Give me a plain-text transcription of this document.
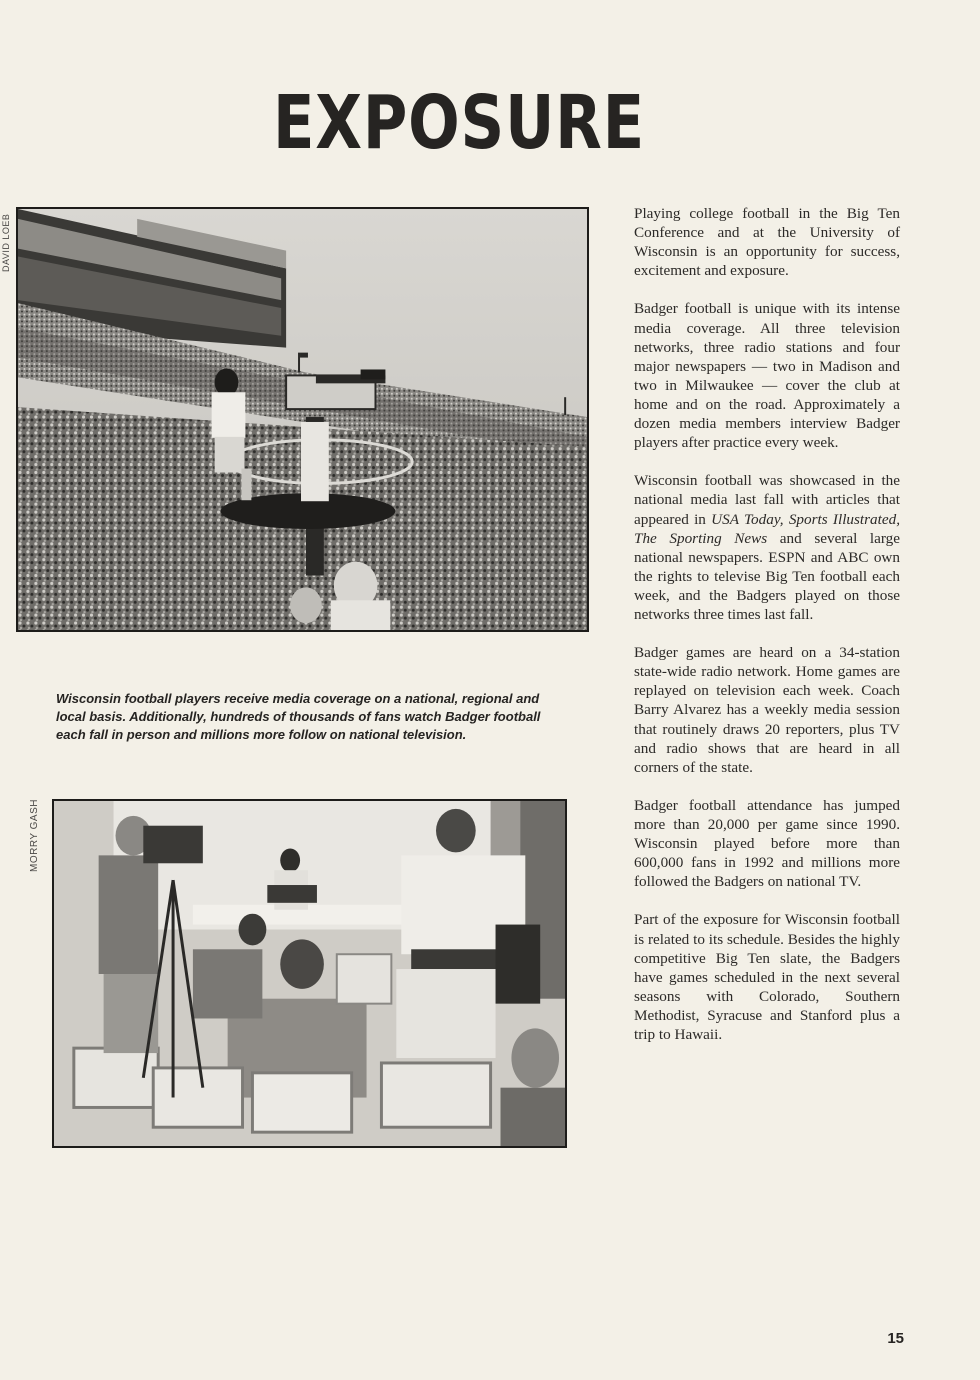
EXPOSURE
DAVID LOEB
Wisconsin football players receive media coverage on a national, regional and local basis. Additionally, hundreds of thousands of fans watch Badger football each fall in person and millions more follow on national television.
MORRY GASH

Playing college football in the Big Ten Conference and at the University of Wisconsin is an opportunity for success, excitement and exposure.

Badger football is unique with its intense media coverage. All three television networks, three radio stations and four major newspapers — two in Madison and two in Milwaukee — cover the club at home and on the road. Approximately a dozen media members interview Badger players after practice every week.

Wisconsin football was showcased in the national media last fall with articles that appeared in USA Today, Sports Illustrated, The Sporting News and several large national newspapers. ESPN and ABC own the rights to televise Big Ten football each week, and the Badgers played on those networks three times last fall.

Badger games are heard on a 34-station state-wide radio network. Home games are replayed on television each week. Coach Barry Alvarez has a weekly media session that routinely draws 20 reporters, plus TV and radio shows that are heard in all corners of the state.

Badger football attendance has jumped more than 20,000 per game since 1990. Wisconsin played before more than 600,000 fans in 1992 and millions more followed the Badgers on national TV.

Part of the exposure for Wisconsin football is related to its schedule. Besides the highly competitive Big Ten slate, the Badgers have games scheduled in the next several seasons with Colorado, Southern Methodist, Syracuse and Stanford plus a trip to Hawaii.

15
